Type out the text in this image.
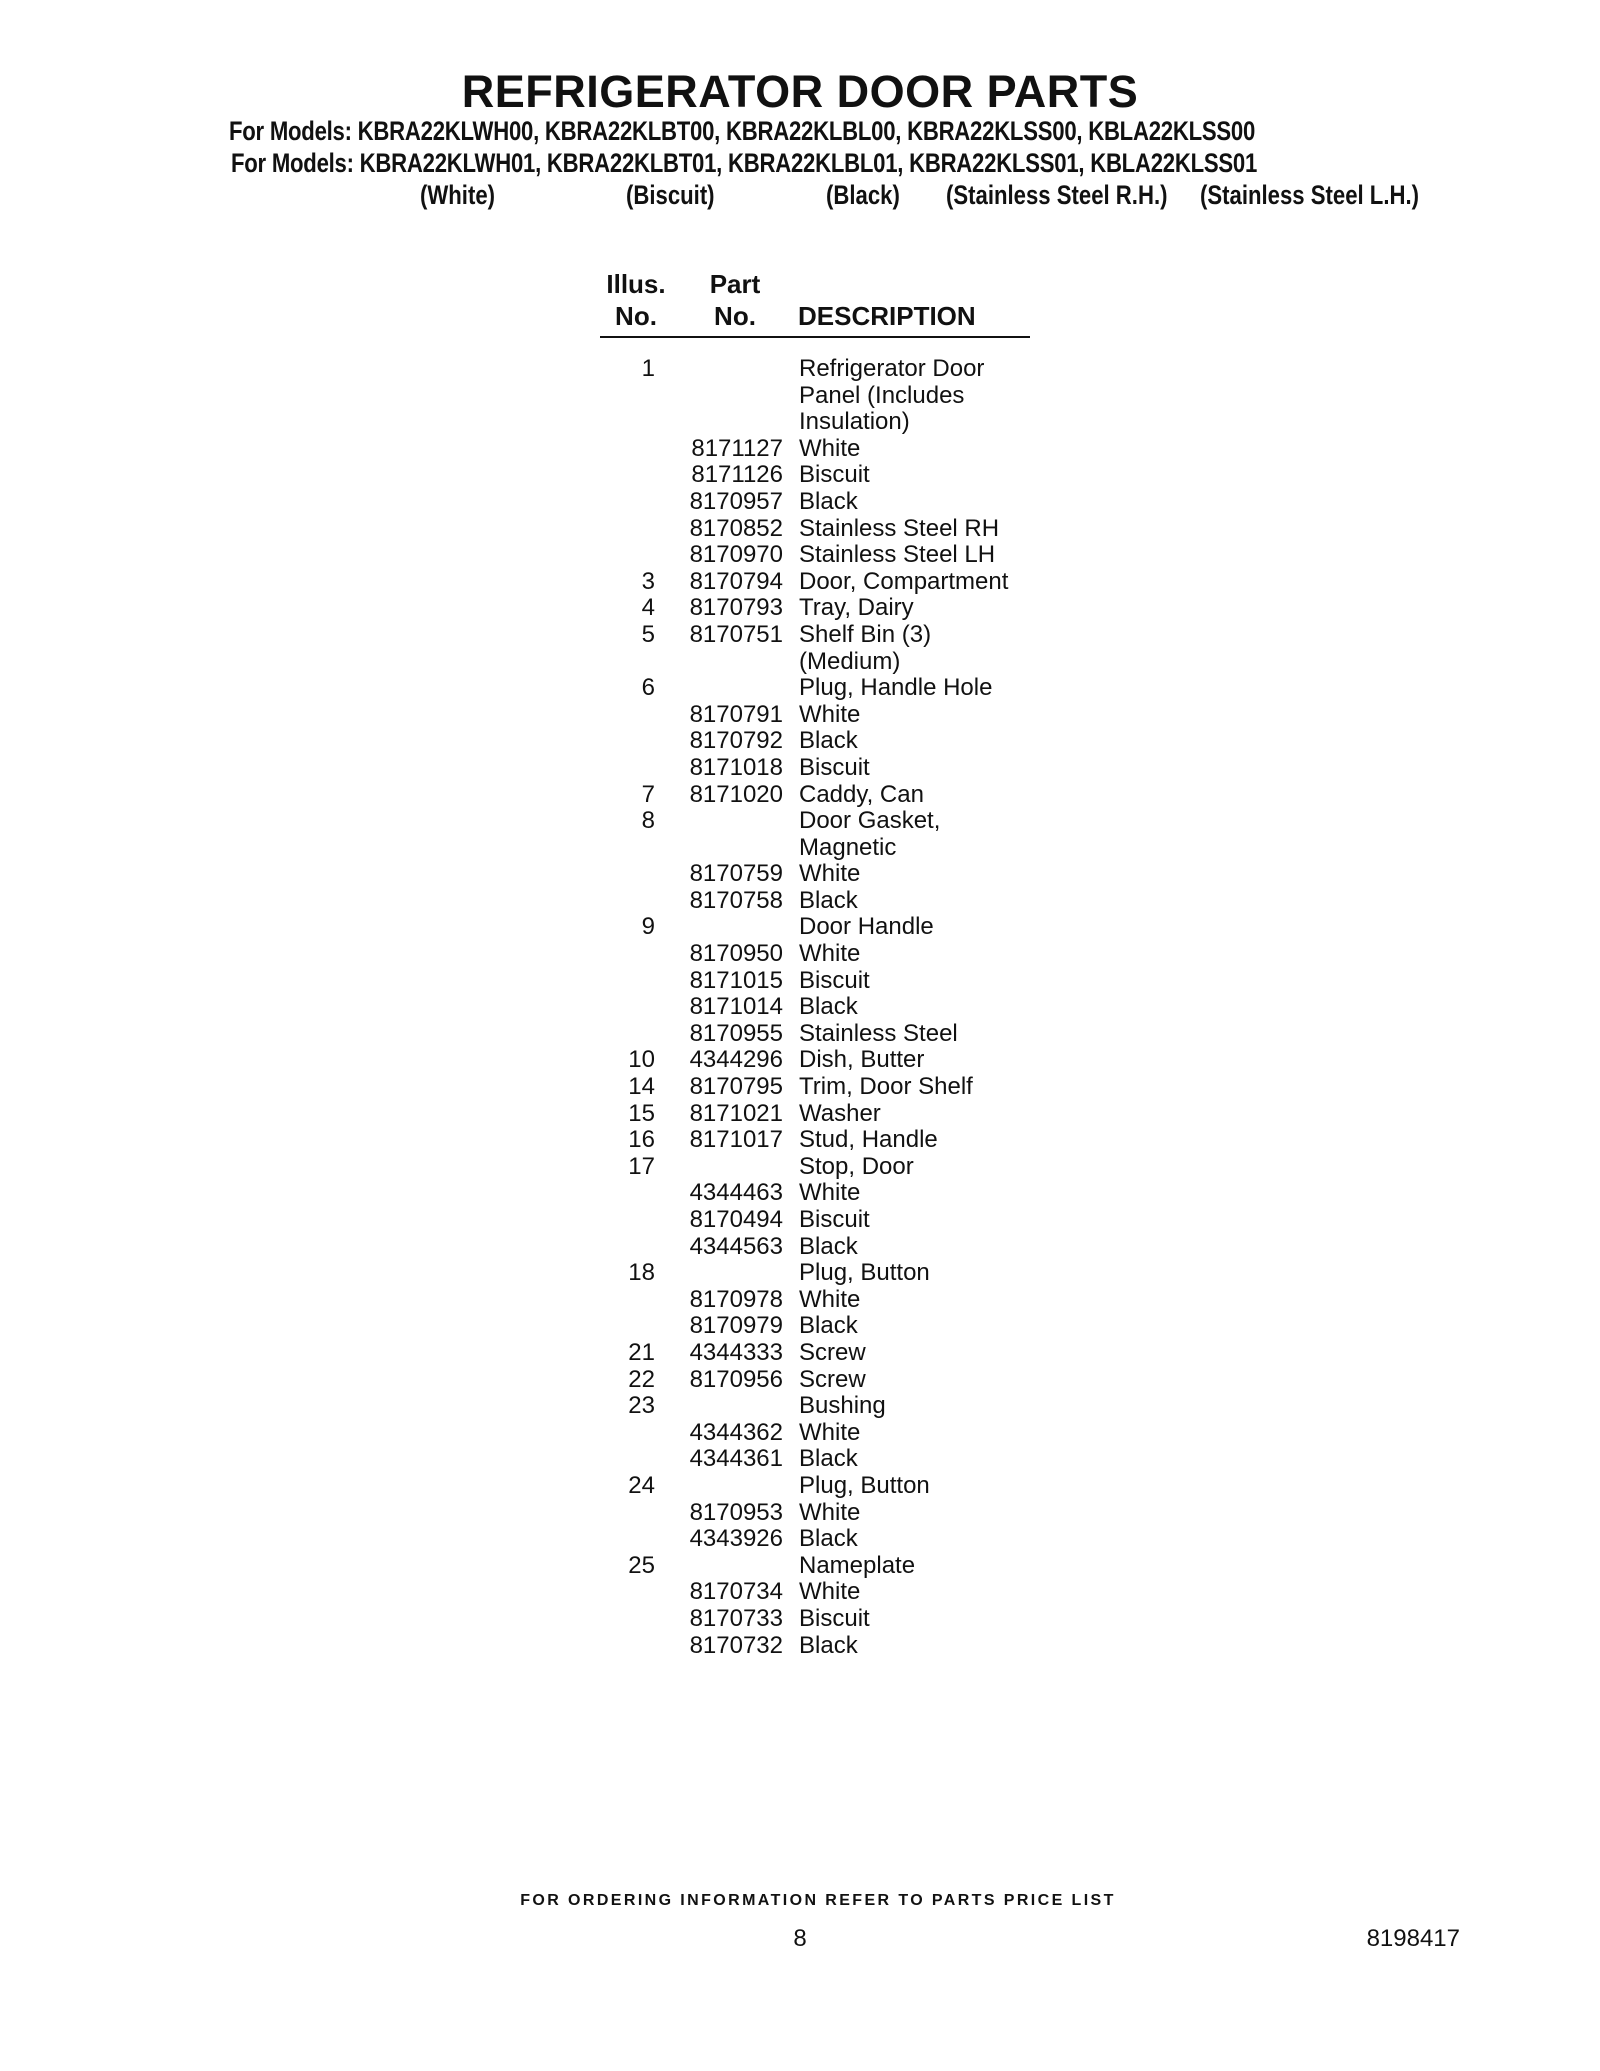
REFRIGERATOR DOOR PARTS
For Models: KBRA22KLWH00, KBRA22KLBT00, KBRA22KLBL00, KBRA22KLSS00, KBLA22KLSS00
For Models: KBRA22KLWH01, KBRA22KLBT01, KBRA22KLBL01, KBRA22KLSS01, KBLA22KLSS01
(White)	(Biscuit)	(Black) (Stainless Steel R.H.) (Stainless Steel L.H.)
Illus.
No.
Part
No.	DESCRIPTION
1	Refrigerator Door
Panel (Includes
Insulation)
8171127 White
8171126 Biscuit
8170957 Black
8170852 Stainless Steel RH
8170970 Stainless Steel LH
3	8170794 Door, Compartment
4	8170793 Tray, Dairy
5	8170751 Shelf Bin (3)
(Medium)
6	Plug, Handle Hole
8170791 White
8170792 Black
8171018 Biscuit
7	8171020 Caddy, Can
8	Door Gasket,
Magnetic
8170759 White
8170758 Black
9	Door Handle
8170950 White
8171015 Biscuit
8171014 Black
8170955 Stainless Steel
10	4344296 Dish, Butter
14	8170795 Trim, Door Shelf
15	8171021 Washer
16	8171017 Stud, Handle
17	Stop, Door
4344463 White
8170494 Biscuit
4344563 Black
18	Plug, Button
8170978 White
8170979 Black
21	4344333 Screw
22	8170956 Screw
23	Bushing
4344362 White
4344361 Black
24	Plug, Button
8170953 White
4343926 Black
25	Nameplate
8170734 White
8170733 Biscuit
8170732 Black
FOR ORDERING INFORMATION REFER TO PARTS PRICE LIST
8	8198417
